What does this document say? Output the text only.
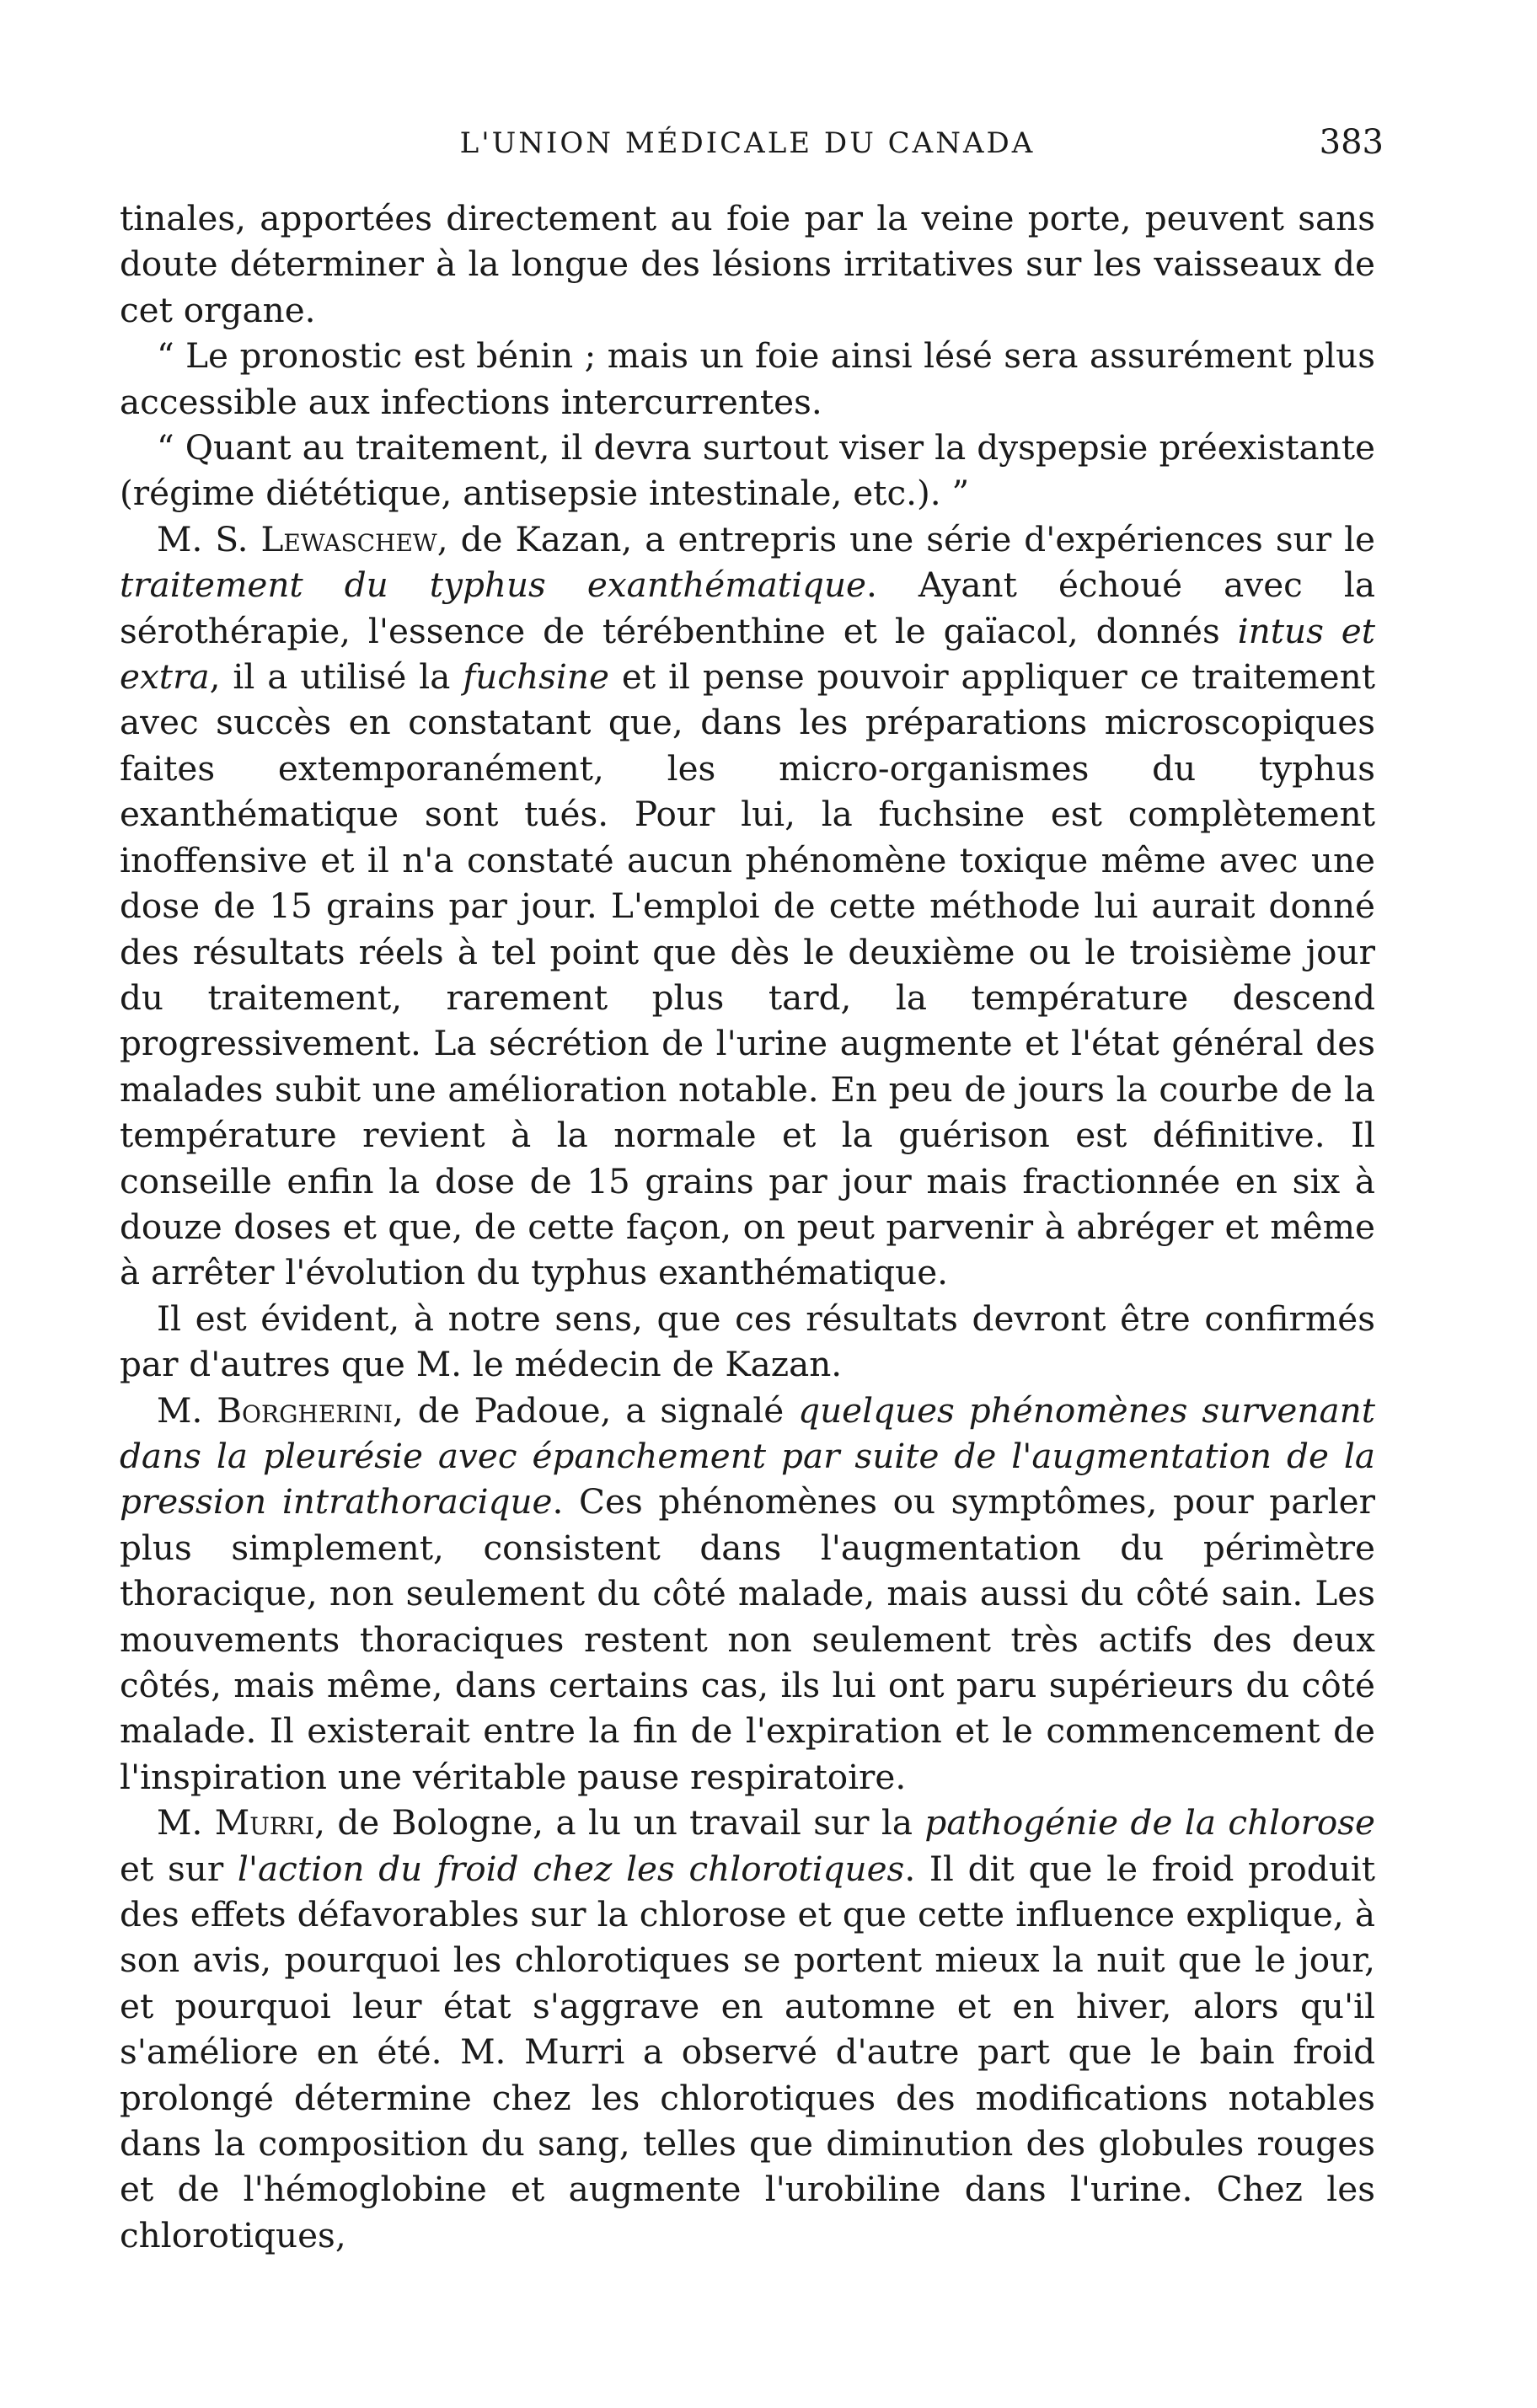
L'UNION MÉDICALE DU CANADA	383

tinales, apportées directement au foie par la veine porte, peuvent sans doute déterminer à la longue des lésions irritatives sur les vaisseaux de cet organe.

“ Le pronostic est bénin ; mais un foie ainsi lésé sera assurément plus accessible aux infections intercurrentes.

“ Quant au traitement, il devra surtout viser la dyspepsie préexistante (régime diététique, antisepsie intestinale, etc.). ”

M. S. Lewaschew, de Kazan, a entrepris une série d'expériences sur le traitement du typhus exanthématique. Ayant échoué avec la sérothérapie, l'essence de térébenthine et le gaïacol, donnés intus et extra, il a utilisé la fuchsine et il pense pouvoir appliquer ce traitement avec succès en constatant que, dans les préparations microscopiques faites extemporanément, les micro-organismes du typhus exanthématique sont tués. Pour lui, la fuchsine est complètement inoffensive et il n'a constaté aucun phénomène toxique même avec une dose de 15 grains par jour. L'emploi de cette méthode lui aurait donné des résultats réels à tel point que dès le deuxième ou le troisième jour du traitement, rarement plus tard, la température descend progressivement. La sécrétion de l'urine augmente et l'état général des malades subit une amélioration notable. En peu de jours la courbe de la température revient à la normale et la guérison est définitive. Il conseille enfin la dose de 15 grains par jour mais fractionnée en six à douze doses et que, de cette façon, on peut parvenir à abréger et même à arrêter l'évolution du typhus exanthématique.

Il est évident, à notre sens, que ces résultats devront être confirmés par d'autres que M. le médecin de Kazan.

M. Borgherini, de Padoue, a signalé quelques phénomènes survenant dans la pleurésie avec épanchement par suite de l'augmentation de la pression intrathoracique. Ces phénomènes ou symptômes, pour parler plus simplement, consistent dans l'augmentation du périmètre thoracique, non seulement du côté malade, mais aussi du côté sain. Les mouvements thoraciques restent non seulement très actifs des deux côtés, mais même, dans certains cas, ils lui ont paru supérieurs du côté malade. Il existerait entre la fin de l'expiration et le commencement de l'inspiration une véritable pause respiratoire.

M. Murri, de Bologne, a lu un travail sur la pathogénie de la chlorose et sur l'action du froid chez les chlorotiques. Il dit que le froid produit des effets défavorables sur la chlorose et que cette influence explique, à son avis, pourquoi les chlorotiques se portent mieux la nuit que le jour, et pourquoi leur état s'aggrave en automne et en hiver, alors qu'il s'améliore en été. M. Murri a observé d'autre part que le bain froid prolongé détermine chez les chlorotiques des modifications notables dans la composition du sang, telles que diminution des globules rouges et de l'hémoglobine et augmente l'urobiline dans l'urine. Chez les chlorotiques,
